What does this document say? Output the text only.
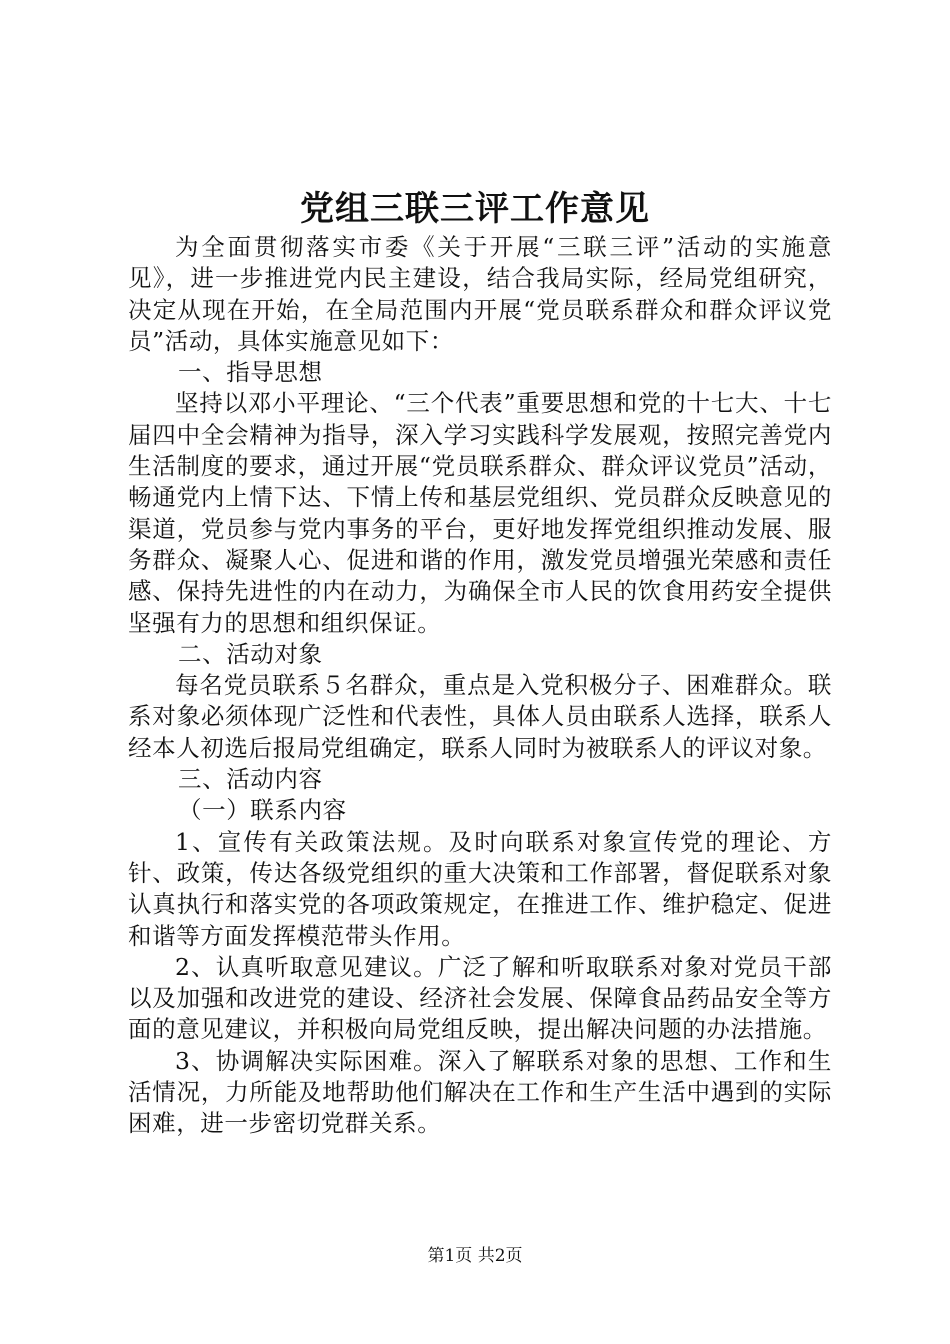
党组三联三评工作意见

为全面贯彻落实市委《关于开展“三联三评”活动的实施意见》，进一步推进党内民主建设，结合我局实际，经局党组研究，决定从现在开始，在全局范围内开展“党员联系群众和群众评议党员”活动，具体实施意见如下：

一、指导思想

坚持以邓小平理论、“三个代表”重要思想和党的十七大、十七届四中全会精神为指导，深入学习实践科学发展观，按照完善党内生活制度的要求，通过开展“党员联系群众、群众评议党员”活动，畅通党内上情下达、下情上传和基层党组织、党员群众反映意见的渠道，党员参与党内事务的平台，更好地发挥党组织推动发展、服务群众、凝聚人心、促进和谐的作用，激发党员增强光荣感和责任感、保持先进性的内在动力，为确保全市人民的饮食用药安全提供坚强有力的思想和组织保证。

二、活动对象

每名党员联系５名群众，重点是入党积极分子、困难群众。联系对象必须体现广泛性和代表性，具体人员由联系人选择，联系人经本人初选后报局党组确定，联系人同时为被联系人的评议对象。

三、活动内容

（一）联系内容

1、宣传有关政策法规。及时向联系对象宣传党的理论、方针、政策，传达各级党组织的重大决策和工作部署，督促联系对象认真执行和落实党的各项政策规定，在推进工作、维护稳定、促进和谐等方面发挥模范带头作用。

2、认真听取意见建议。广泛了解和听取联系对象对党员干部以及加强和改进党的建设、经济社会发展、保障食品药品安全等方面的意见建议，并积极向局党组反映，提出解决问题的办法措施。

3、协调解决实际困难。深入了解联系对象的思想、工作和生活情况，力所能及地帮助他们解决在工作和生产生活中遇到的实际困难，进一步密切党群关系。

第1页 共2页
